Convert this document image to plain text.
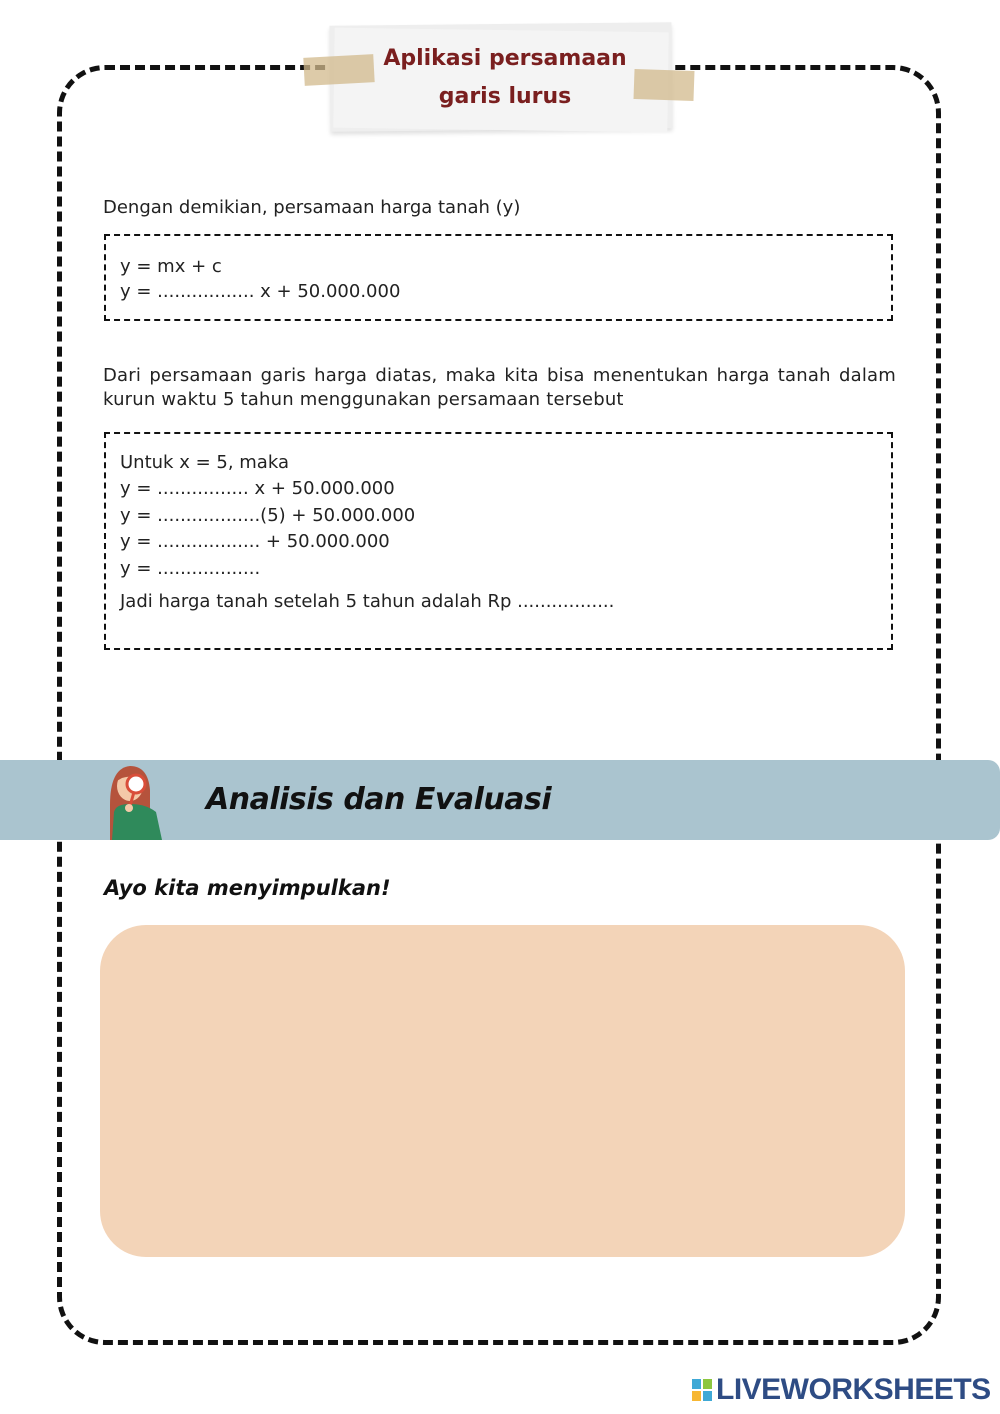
Aplikasi persamaan
garis lurus
Dengan demikian, persamaan harga tanah (y)
y = mx + c
y = ................. x + 50.000.000
Dari persamaan garis harga diatas, maka kita bisa menentukan harga tanah dalam kurun waktu 5 tahun menggunakan persamaan tersebut
Untuk x = 5, maka
y = ................ x + 50.000.000
y = ..................(5) + 50.000.000
y = .................. + 50.000.000
y = ..................
Jadi harga tanah setelah 5 tahun adalah Rp .................
Analisis dan Evaluasi
Ayo kita menyimpulkan!
LIVEWORKSHEETS
